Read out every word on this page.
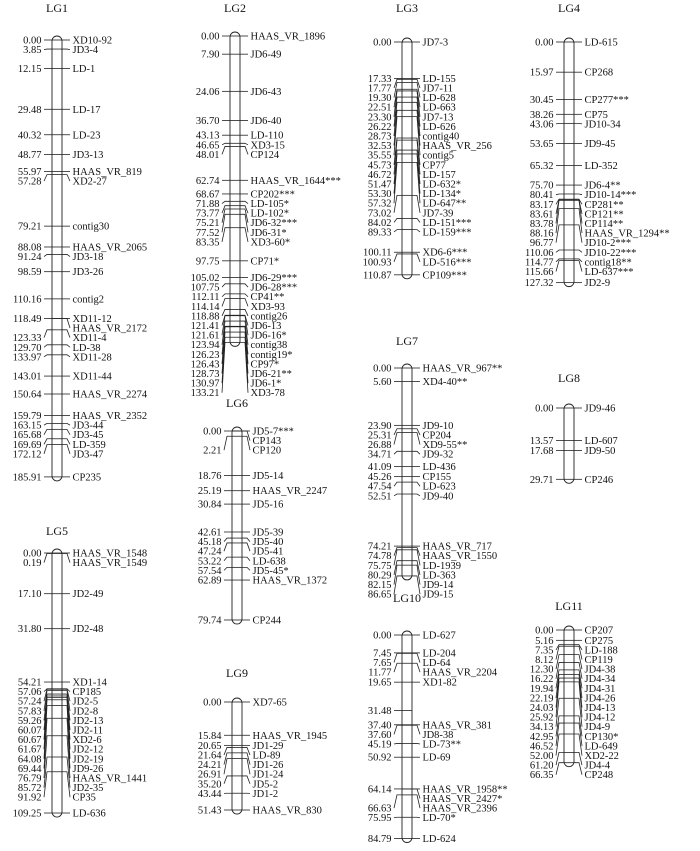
LG1
0.00	XD10-92
3.85	JD3-4
12.15	LD-1
29.48	LD-17
40.32	LD-23
48.77	JD3-13
55.97	HAAS_VR_819
57.28	XD2-27
79.21	contig30
88.08	HAAS_VR_2065
91.24	JD3-18
98.59	JD3-26
110.16	contig2
118.49	XD11-12
HAAS_VR_2172
123.33	XD11-4
129.70	LD-38
133.97	XD11-28
143.01	XD11-44
150.64	HAAS_VR_2274
159.79	HAAS_VR_2352
163.15	JD3-44
165.68	JD3-45
169.69	LD-359
172.12	JD3-47
185.91	CP235
LG2
0.00	HAAS_VR_1896
7.90	JD6-49
24.06	JD6-43
36.70	JD6-40
43.13	LD-110
46.65	XD3-15
48.01	CP124
62.74	HAAS_VR_1644***
68.67	CP202***
71.88	LD-105*
73.77	LD-102*
75.21	JD6-32***
77.52	JD6-31*
83.35	XD3-60*
97.75	CP71*
105.02	JD6-29***
107.75	JD6-28***
112.11	CP41**
114.14	XD3-93
118.88	contig26
121.41	JD6-13
121.61	JD6-16*
123.94	contig38
126.23	contig19*
126.43	CP97*
128.73	JD6-21**
130.97	JD6-1*
133.21	XD3-78
LG3
0.00	JD7-3
17.33	LD-155
17.77	JD7-11
19.30	LD-628
22.51	LD-663
23.30	JD7-13
26.22	LD-626
28.73	contig40
32.53	HAAS_VR_256
35.55	contig5
45.73	CP77
46.72	LD-157
51.47	LD-632*
53.30	LD-134*
57.32	LD-647**
73.02	JD7-39
84.02	LD-151***
89.33	LD-159***
100.11	XD6-6***
100.93	LD-516***
110.87	CP109***
LG4
0.00	LD-615
15.97	CP268
30.45	CP277***
38.26	CP75
43.06	JD10-34
53.65	JD9-45
65.32	LD-352
75.70	JD6-4**
80.41	JD10-14***
83.17	CP281**
83.61	CP121**
83.78	CP114**
88.16	HAAS_VR_1294**
96.77	JD10-2***
110.06	JD10-22***
114.77	contig18**
115.66	LD-637***
127.32	JD2-9
LG5
0.00	HAAS_VR_1548
0.19	HAAS_VR_1549
17.10	JD2-49
31.80	JD2-48
54.21	XD1-14
57.06	CP185
57.24	JD2-5
57.83	JD2-8
59.26	JD2-13
60.07	JD2-11
60.67	XD2-6
61.67	JD2-12
64.08	JD2-19
69.44	JD9-26
76.79	HAAS_VR_1441
85.72	JD2-35
91.92	CP35
109.25	LD-636
LG6
0.00	JD5-7***
CP143
2.21	CP120
18.76	JD5-14
25.19	HAAS_VR_2247
30.84	JD5-16
42.61	JD5-39
45.18	JD5-40
47.24	JD5-41
53.22	LD-638
57.54	JD5-45*
62.89	HAAS_VR_1372
79.74	CP244
LG7
0.00	HAAS_VR_967**
5.60	XD4-40**
23.90	JD9-10
25.31	CP204
26.88	XD9-55**
34.71	JD9-32
41.09	LD-436
45.26	CP155
47.54	LD-623
52.51	JD9-40
74.21	HAAS_VR_717
74.78	HAAS_VR_1550
75.75	LD-1939
80.29	LD-363
82.15	JD9-14
86.65	JD9-15
LG8
0.00	JD9-46
13.57	LD-607
17.68	JD9-50
29.71	CP246
LG9
0.00	XD7-65
15.84	HAAS_VR_1945
20.65	JD1-29
21.64	LD-89
24.21	JD1-26
26.91	JD1-24
35.20	JD5-2
43.44	JD1-2
51.43	HAAS_VR_830
LG10
0.00	LD-627
7.45	LD-204
7.65	LD-64
11.77	HAAS_VR_2204
19.65	XD1-82
31.48
37.40	HAAS_VR_381
37.60	JD8-38
45.19	LD-73**
50.92	LD-69
64.14	HAAS_VR_1958**
HAAS_VR_2427*
66.63	HAAS_VR_2396
75.95	LD-70*
84.79	LD-624
LG11
0.00	CP207
5.16	CP275
7.35	LD-188
8.12	CP119
12.30	JD4-38
16.22	JD4-34
19.94	JD4-31
22.19	JD4-26
24.03	JD4-13
25.92	JD4-12
34.13	JD4-9
42.95	CP130*
46.52	LD-649
52.00	XD2-22
61.20	JD4-4
66.35	CP248
